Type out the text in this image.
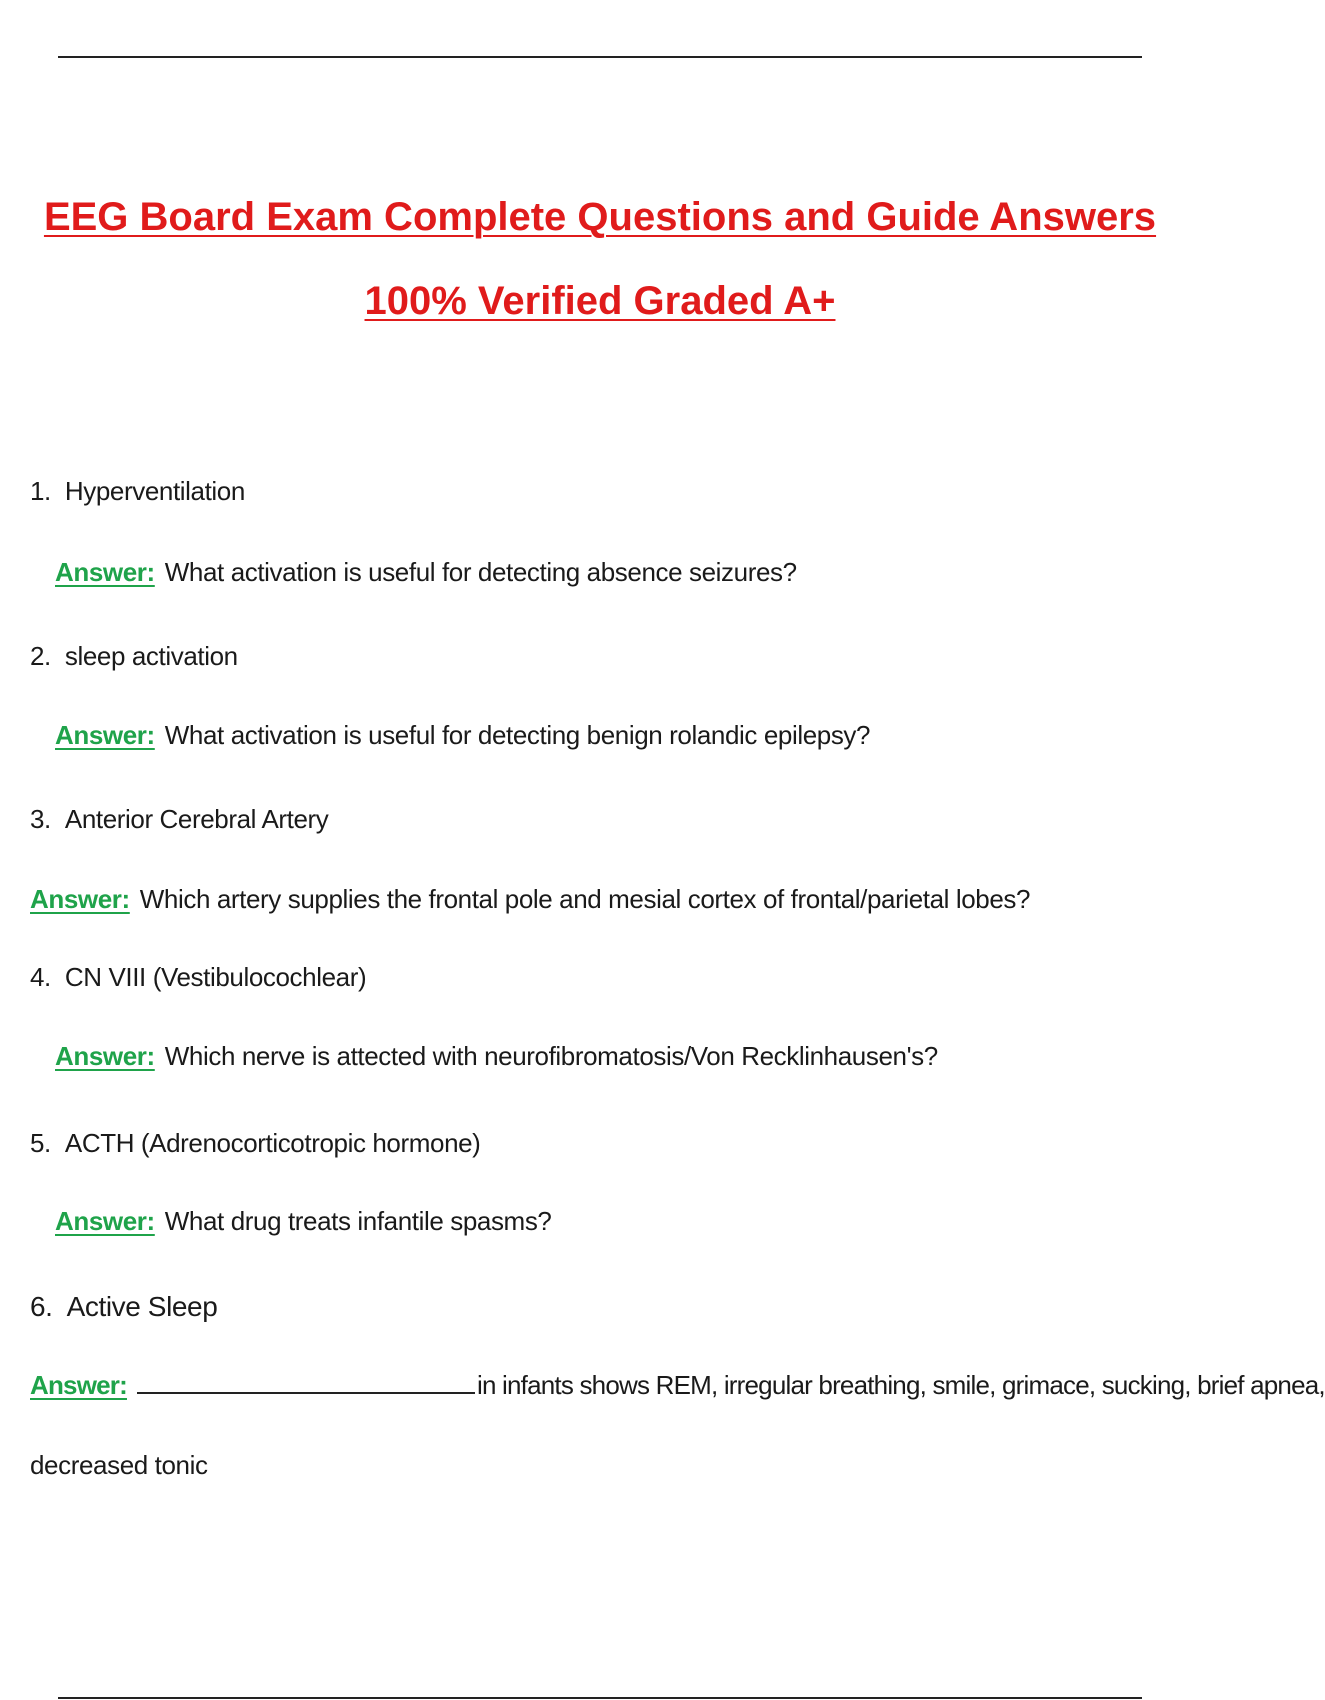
EEG Board Exam Complete Questions and Guide Answers
100% Verified Graded A+
1. Hyperventilation
Answer: What activation is useful for detecting absence seizures?
2. sleep activation
Answer: What activation is useful for detecting benign rolandic epilepsy?
3. Anterior Cerebral Artery
Answer: Which artery supplies the frontal pole and mesial cortex of frontal/parietal lobes?
4. CN VIII (Vestibulocochlear)
Answer: Which nerve is attected with neurofibromatosis/Von Recklinhausen's?
5. ACTH (Adrenocorticotropic hormone)
Answer: What drug treats infantile spasms?
6. Active Sleep
Answer:	in infants shows REM, irregular breathing, smile, grimace, sucking, brief apnea,
decreased tonic
